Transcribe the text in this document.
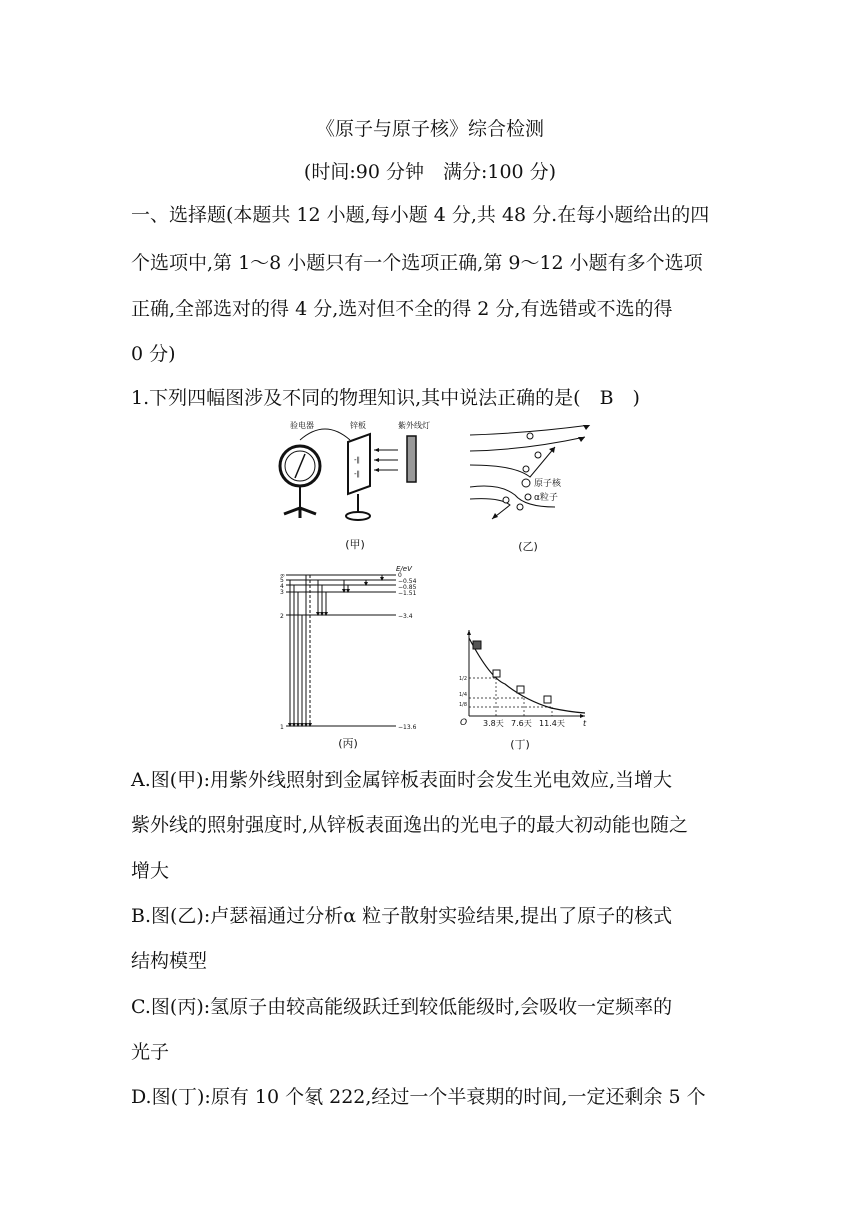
《原子与原子核》综合检测
(时间:90 分钟　满分:100 分)
一、选择题(本题共 12 小题,每小题 4 分,共 48 分.在每小题给出的四
个选项中,第 1～8 小题只有一个选项正确,第 9～12 小题有多个选项
正确,全部选对的得 4 分,选对但不全的得 2 分,有选错或不选的得
0 分)
1.下列四幅图涉及不同的物理知识,其中说法正确的是(　B　)
验电器	锌板	紫外线灯
-∥
-∥
(甲)
原子核
α粒子
(乙)
E/eV
∞
5
4
3
2
1
0
−0.54
−0.85
−1.51
−3.4
−13.6
(丙)
O	t
1/2
1/4
1/8
3.8天 7.6天 11.4天
(丁)
A.图(甲):用紫外线照射到金属锌板表面时会发生光电效应,当增大
紫外线的照射强度时,从锌板表面逸出的光电子的最大初动能也随之
增大
B.图(乙):卢瑟福通过分析α 粒子散射实验结果,提出了原子的核式
结构模型
C.图(丙):氢原子由较高能级跃迁到较低能级时,会吸收一定频率的
光子
D.图(丁):原有 10 个氡 222,经过一个半衰期的时间,一定还剩余 5 个
